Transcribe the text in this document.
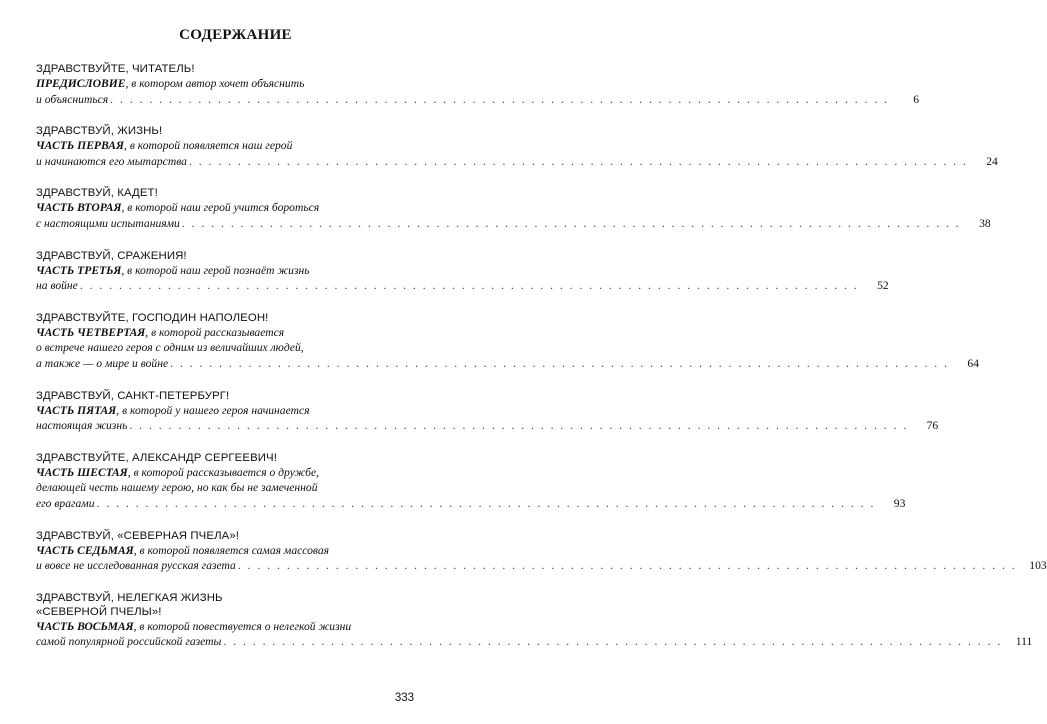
СОДЕРЖАНИЕ
ЗДРАВСТВУЙТЕ, ЧИТАТЕЛЬ!
ПРЕДИСЛОВИЕ, в котором автор хочет объяснить
и объясниться . . . . . . . . . . . . . . . . . . . . . . . . . . . . . . . . . . . . . . . . . . . . . . . . . . . . . . . . . . . . . . . . . . . . . . . . . . . . . . . .	6
ЗДРАВСТВУЙ, ЖИЗНЬ!
ЧАСТЬ ПЕРВАЯ, в которой появляется наш герой
и начинаются его мытарства . . . . . . . . . . . . . . . . . . . . . . . . . . . . . . . . . . . . . . . . . . . . . . . . . . . . . . . . . . . . . . . . . . . . . . . . . . . . . . . .	24
ЗДРАВСТВУЙ, КАДЕТ!
ЧАСТЬ ВТОРАЯ, в которой наш герой учится бороться
с настоящими испытаниями . . . . . . . . . . . . . . . . . . . . . . . . . . . . . . . . . . . . . . . . . . . . . . . . . . . . . . . . . . . . . . . . . . . . . . . . . . . . . . . .	38
ЗДРАВСТВУЙ, СРАЖЕНИЯ!
ЧАСТЬ ТРЕТЬЯ, в которой наш герой познаёт жизнь
на войне . . . . . . . . . . . . . . . . . . . . . . . . . . . . . . . . . . . . . . . . . . . . . . . . . . . . . . . . . . . . . . . . . . . . . . . . . . . . . . . .	52
ЗДРАВСТВУЙТЕ, ГОСПОДИН НАПОЛЕОН!
ЧАСТЬ ЧЕТВЕРТАЯ, в которой рассказывается
о встрече нашего героя с одним из величайших людей,
а также — о мире и войне . . . . . . . . . . . . . . . . . . . . . . . . . . . . . . . . . . . . . . . . . . . . . . . . . . . . . . . . . . . . . . . . . . . . . . . . . . . . . . . .	64
ЗДРАВСТВУЙ, САНКТ-ПЕТЕРБУРГ!
ЧАСТЬ ПЯТАЯ, в которой у нашего героя начинается
настоящая жизнь . . . . . . . . . . . . . . . . . . . . . . . . . . . . . . . . . . . . . . . . . . . . . . . . . . . . . . . . . . . . . . . . . . . . . . . . . . . . . . . .	76
ЗДРАВСТВУЙТЕ, АЛЕКСАНДР СЕРГЕЕВИЧ!
ЧАСТЬ ШЕСТАЯ, в которой рассказывается о дружбе,
делающей честь нашему герою, но как бы не замеченной
его врагами . . . . . . . . . . . . . . . . . . . . . . . . . . . . . . . . . . . . . . . . . . . . . . . . . . . . . . . . . . . . . . . . . . . . . . . . . . . . . . . .	93
ЗДРАВСТВУЙ, «СЕВЕРНАЯ ПЧЕЛА»!
ЧАСТЬ СЕДЬМАЯ, в которой появляется самая массовая
и вовсе не исследованная русская газета . . . . . . . . . . . . . . . . . . . . . . . . . . . . . . . . . . . . . . . . . . . . . . . . . . . . . . . . . . . . . . . . . . . . . . . . . . . . . . . .	103
ЗДРАВСТВУЙ, НЕЛЕГКАЯ ЖИЗНЬ
«СЕВЕРНОЙ ПЧЕЛЫ»!
ЧАСТЬ ВОСЬМАЯ, в которой повествуется о нелегкой жизни
самой популярной российской газеты . . . . . . . . . . . . . . . . . . . . . . . . . . . . . . . . . . . . . . . . . . . . . . . . . . . . . . . . . . . . . . . . . . . . . . . . . . . . . . . .	111
333
